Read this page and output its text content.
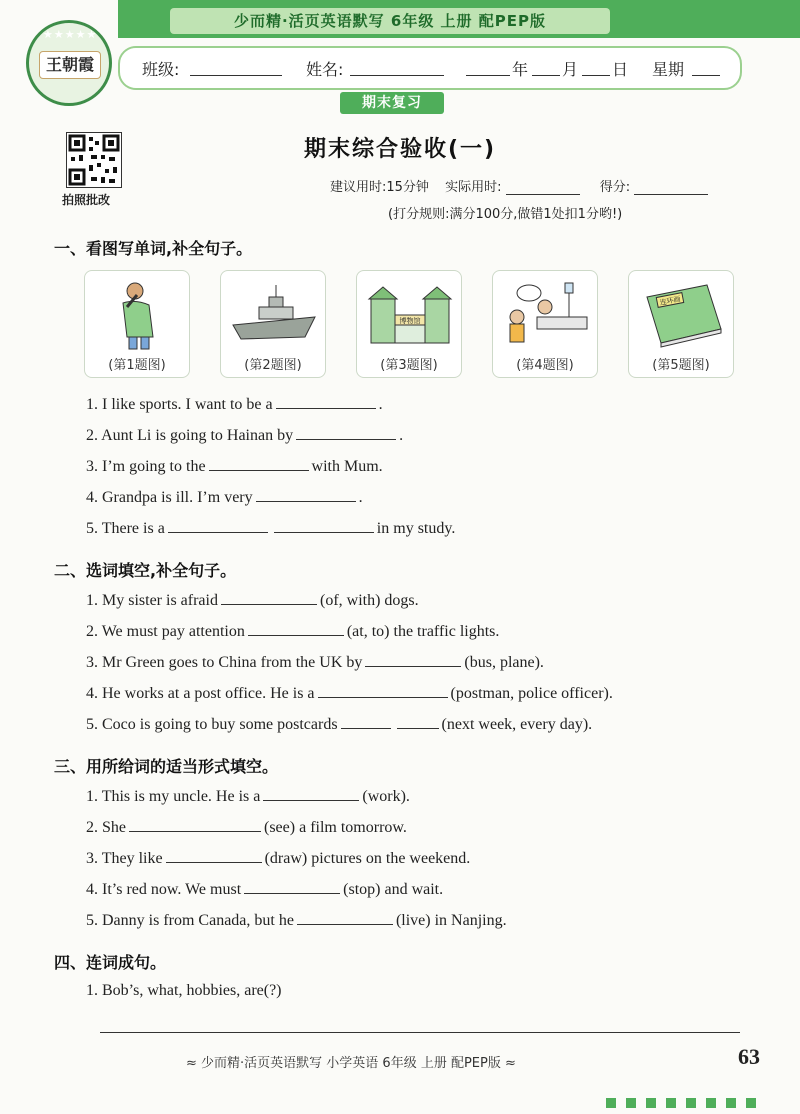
少而精·活页英语默写 6年级 上册 配PEP版
★★★★★
王朝霞	班级:	姓名:	年 月 日 星期
期末复习
拍照批改
期末综合验收(一)
建议用时:15分钟 实际用时:	得分:
(打分规则:满分100分,做错1处扣1分哟!)
一、看图写单词,补全句子。
(第1题图)	(第2题图)
博物馆
(第3题图)	(第4题图)
连环画
(第5题图)
1. I like sports. I want to be a	.
2. Aunt Li is going to Hainan by	.
3. I’m going to the	with Mum.
4. Grandpa is ill. I’m very	.
5. There is a	in my study.
二、选词填空,补全句子。
1. My sister is afraid	(of, with) dogs.
2. We must pay attention	(at, to) the traffic lights.
3. Mr Green goes to China from the UK by	(bus, plane).
4. He works at a post office. He is a	(postman, police officer).
5. Coco is going to buy some postcards	(next week, every day).
三、用所给词的适当形式填空。
1. This is my uncle. He is a	(work).
2. She	(see) a film tomorrow.
3. They like	(draw) pictures on the weekend.
4. It’s red now. We must	(stop) and wait.
5. Danny is from Canada, but he	(live) in Nanjing.
四、连词成句。
1. Bob’s, what, hobbies, are(?)
≈ 少而精·活页英语默写 小学英语 6年级 上册 配PEP版 ≈	63
